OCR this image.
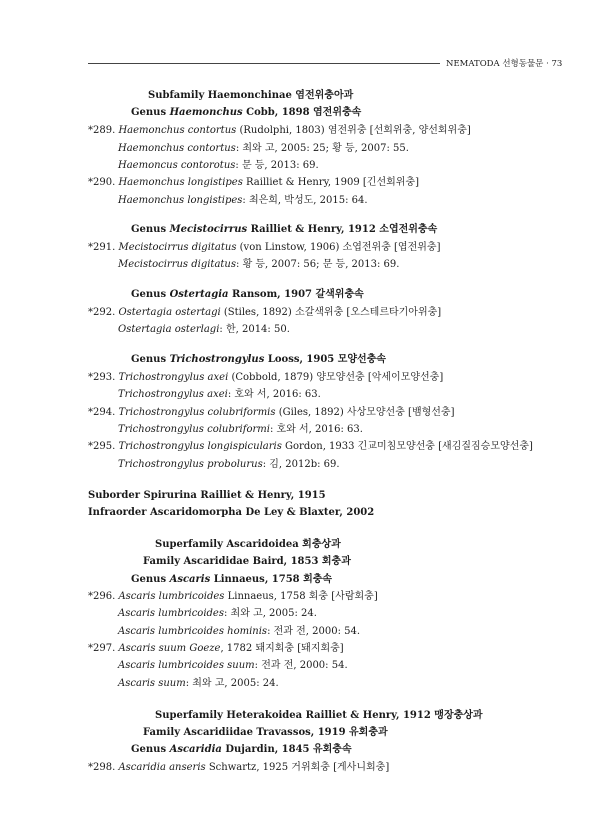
NEMATODA 선형동물문 · 73
Subfamily Haemonchinae 염전위충아과
Genus Haemonchus Cobb, 1898 염전위충속
*289. Haemonchus contortus (Rudolphi, 1803) 염전위충 [선회위충, 양선회위충]
Haemonchus contortus: 최와 고, 2005: 25; 황 등, 2007: 55.
Haemoncus contorotus: 문 등, 2013: 69.
*290. Haemonchus longistipes Railliet & Henry, 1909 [긴선회위충]
Haemonchus longistipes: 최은희, 박성도, 2015: 64.
Genus Mecistocirrus Railliet & Henry, 1912 소엽전위충속
*291. Mecistocirrus digitatus (von Linstow, 1906) 소엽전위충 [엽전위충]
Mecistocirrus digitatus: 황 등, 2007: 56; 문 등, 2013: 69.
Genus Ostertagia Ransom, 1907 갈색위충속
*292. Ostertagia ostertagi (Stiles, 1892) 소갈색위충 [오스테르타기아위충]
Ostertagia osterlagi: 한, 2014: 50.
Genus Trichostrongylus Looss, 1905 모양선충속
*293. Trichostrongylus axei (Cobbold, 1879) 양모양선충 [악세이모양선충]
Trichostrongylus axei: 호와 서, 2016: 63.
*294. Trichostrongylus colubriformis (Giles, 1892) 사상모양선충 [뱀형선충]
Trichostrongylus colubriformi: 호와 서, 2016: 63.
*295. Trichostrongylus longispicularis Gordon, 1933 긴교미침모양선충 [새김질짐승모양선충]
Trichostrongylus probolurus: 김, 2012b: 69.
Suborder Spirurina Railliet & Henry, 1915
Infraorder Ascaridomorpha De Ley & Blaxter, 2002
Superfamily Ascaridoidea 회충상과
Family Ascarididae Baird, 1853 회충과
Genus Ascaris Linnaeus, 1758 회충속
*296. Ascaris lumbricoides Linnaeus, 1758 회충 [사람회충]
Ascaris lumbricoides: 최와 고, 2005: 24.
Ascaris lumbricoides hominis: 전과 전, 2000: 54.
*297. Ascaris suum Goeze, 1782 돼지회충 [돼지회충]
Ascaris lumbricoides suum: 전과 전, 2000: 54.
Ascaris suum: 최와 고, 2005: 24.
Superfamily Heterakoidea Railliet & Henry, 1912 맹장충상과
Family Ascaridiidae Travassos, 1919 유회충과
Genus Ascaridia Dujardin, 1845 유회충속
*298. Ascaridia anseris Schwartz, 1925 거위회충 [게사니회충]
